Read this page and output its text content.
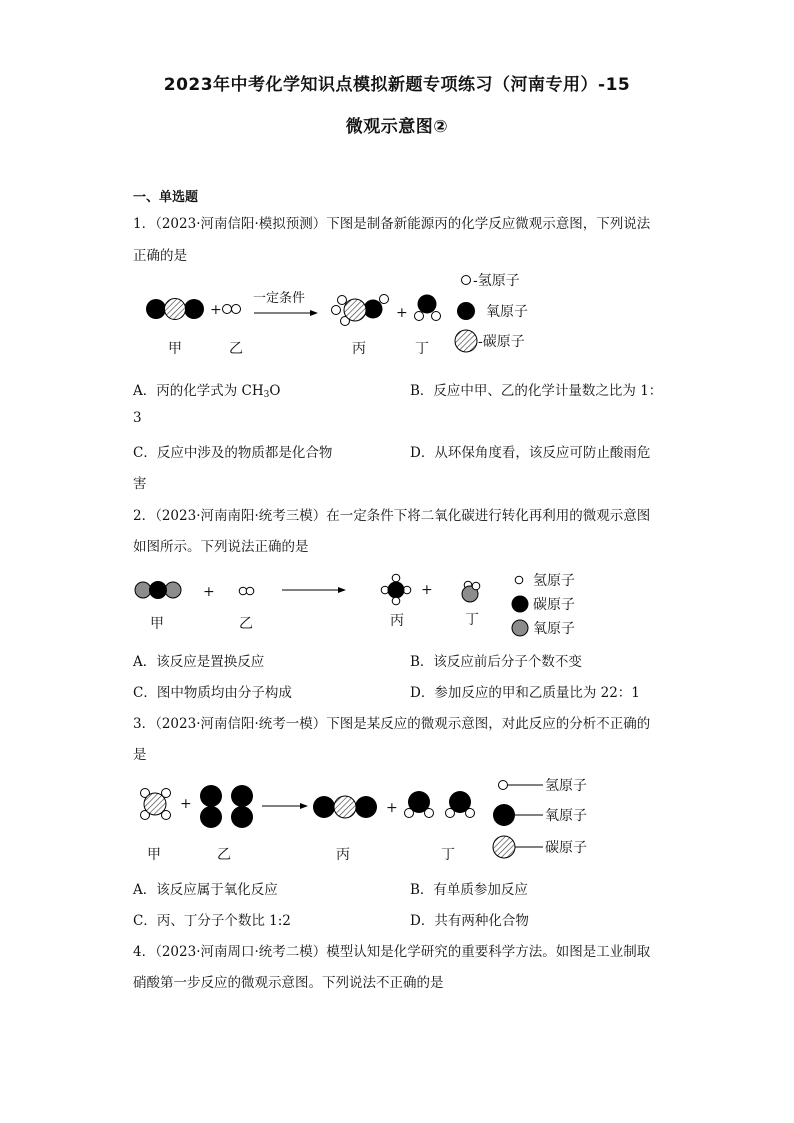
2023年中考化学知识点模拟新题专项练习（河南专用）-15
微观示意图②
一、单选题
1．（2023·河南信阳·模拟预测）下图是制备新能源丙的化学反应微观示意图，下列说法
正确的是
+
一定条件
+
甲	乙	丙	丁
-氢原子
氧原子
-碳原子
A．丙的化学式为 $CH_3O$	B．反应中甲、乙的化学计量数之比为 1：
3
C．反应中涉及的物质都是化合物	D．从环保角度看，该反应可防止酸雨危
害
2．（2023·河南南阳·统考三模）在一定条件下将二氧化碳进行转化再利用的微观示意图
如图所示。下列说法正确的是
+	+
甲	乙	丙	丁
氢原子
碳原子
氧原子
A．该反应是置换反应	B．该反应前后分子个数不变
C．图中物质均由分子构成	D．参加反应的甲和乙质量比为 22：1
3．（2023·河南信阳·统考一模）下图是某反应的微观示意图，对此反应的分析不正确的
是
+	+
甲	乙	丙	丁
氢原子
氧原子
碳原子
A．该反应属于氧化反应	B．有单质参加反应
C．丙、丁分子个数比 1:2	D．共有两种化合物
4．（2023·河南周口·统考二模）模型认知是化学研究的重要科学方法。如图是工业制取
硝酸第一步反应的微观示意图。下列说法不正确的是
